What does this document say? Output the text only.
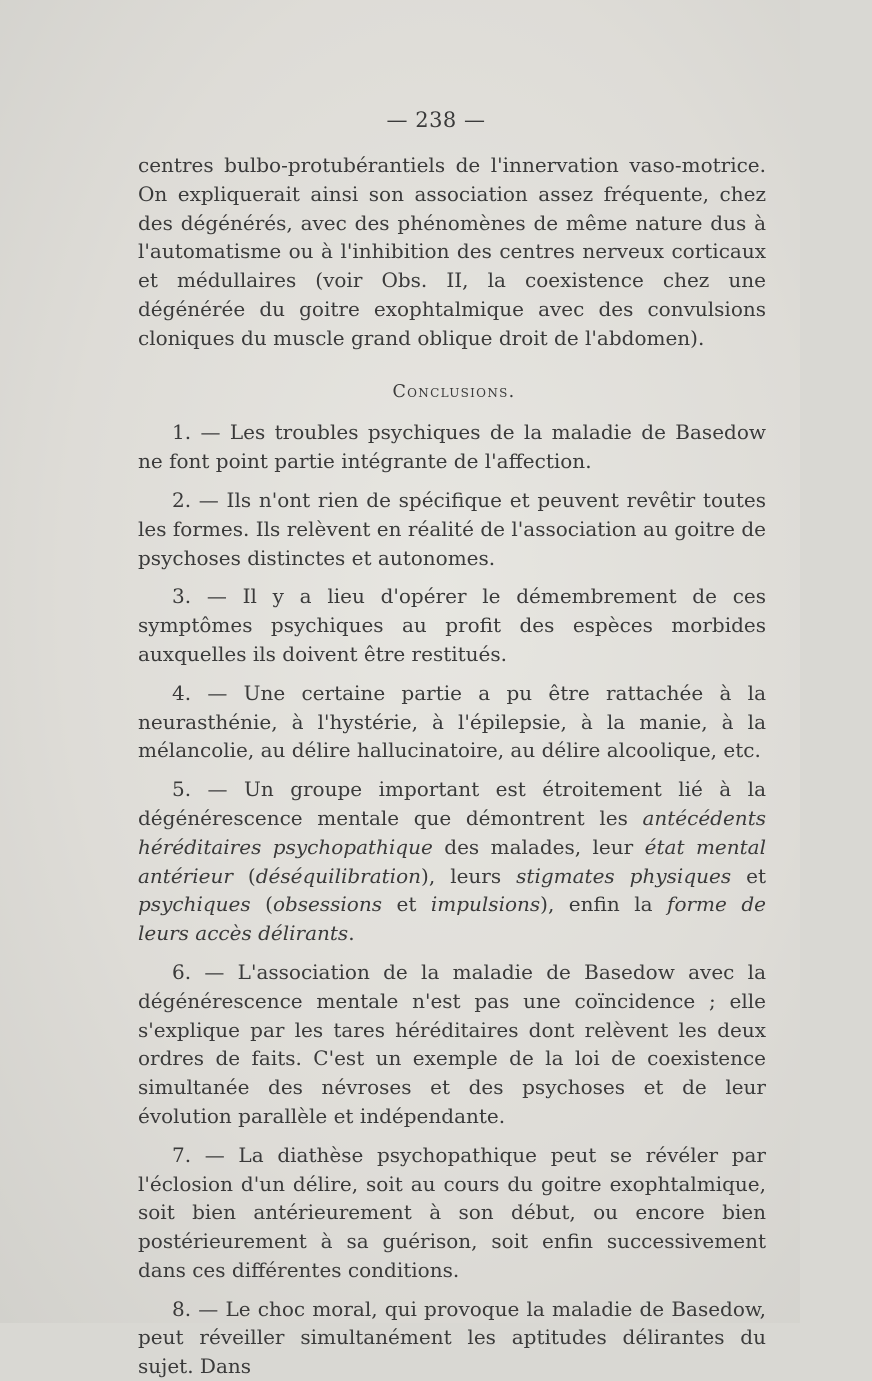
— 238 —

centres bulbo-protubérantiels de l'innervation vaso-motrice. On expliquerait ainsi son association assez fréquente, chez des dégénérés, avec des phénomènes de même nature dus à l'automatisme ou à l'inhibition des centres nerveux corticaux et médullaires (voir Obs. II, la coexistence chez une dégénérée du goitre exophtalmique avec des convulsions cloniques du muscle grand oblique droit de l'abdomen).

Conclusions.

1. — Les troubles psychiques de la maladie de Basedow ne font point partie intégrante de l'affection.

2. — Ils n'ont rien de spécifique et peuvent revêtir toutes les formes. Ils relèvent en réalité de l'association au goitre de psychoses distinctes et autonomes.

3. — Il y a lieu d'opérer le démembrement de ces symptômes psychiques au profit des espèces morbides auxquelles ils doivent être restitués.

4. — Une certaine partie a pu être rattachée à la neurasthénie, à l'hystérie, à l'épilepsie, à la manie, à la mélancolie, au délire hallucinatoire, au délire alcoolique, etc.

5. — Un groupe important est étroitement lié à la dégénérescence mentale que démontrent les antécédents héréditaires psychopathique des malades, leur état mental antérieur (déséquilibration), leurs stigmates physiques et psychiques (obsessions et impulsions), enfin la forme de leurs accès délirants.

6. — L'association de la maladie de Basedow avec la dégénérescence mentale n'est pas une coïncidence ; elle s'explique par les tares héréditaires dont relèvent les deux ordres de faits. C'est un exemple de la loi de coexistence simultanée des névroses et des psychoses et de leur évolution parallèle et indépendante.

7. — La diathèse psychopathique peut se révéler par l'éclosion d'un délire, soit au cours du goitre exophtalmique, soit bien antérieurement à son début, ou encore bien postérieurement à sa guérison, soit enfin successivement dans ces différentes conditions.

8. — Le choc moral, qui provoque la maladie de Basedow, peut réveiller simultanément les aptitudes délirantes du sujet. Dans
